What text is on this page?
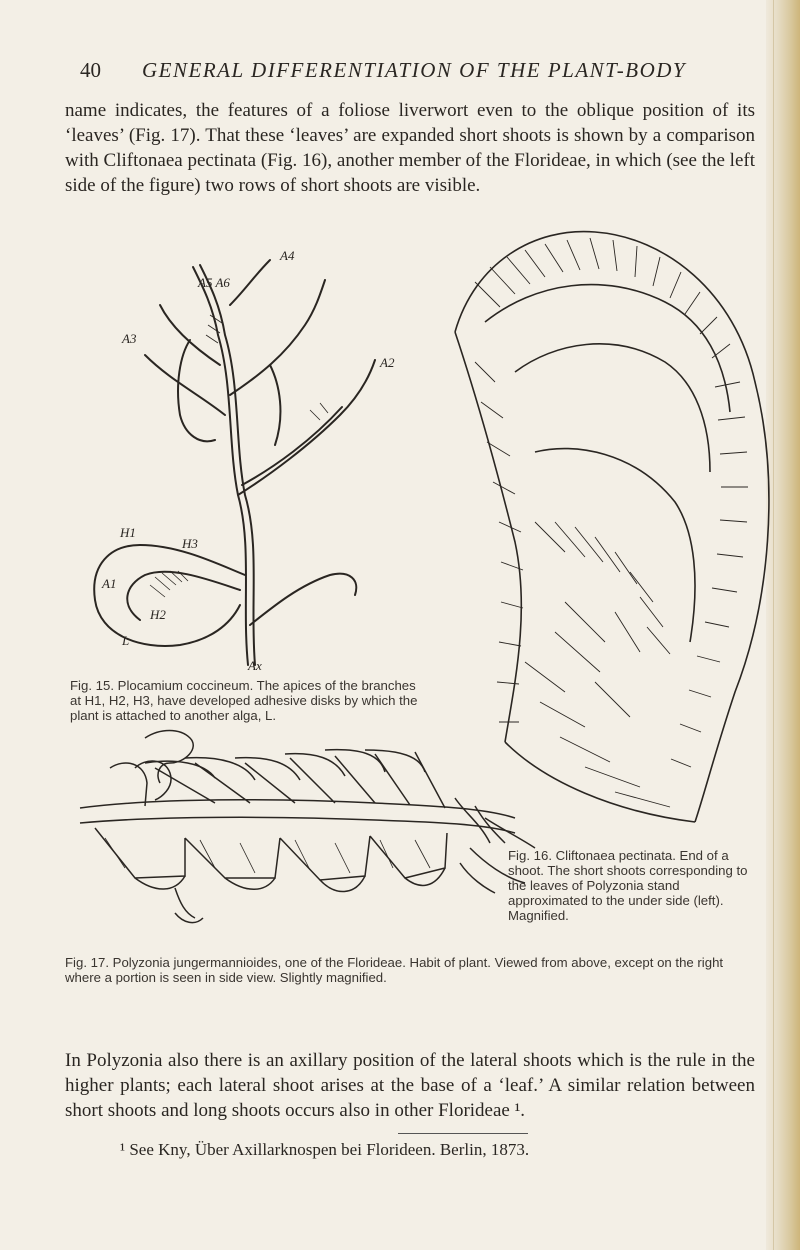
40 GENERAL DIFFERENTIATION OF THE PLANT-BODY

name indicates, the features of a foliose liverwort even to the oblique position of its ‘leaves’ (Fig. 17). That these ‘leaves’ are expanded short shoots is shown by a comparison with Cliftonaea pectinata (Fig. 16), another member of the Florideae, in which (see the left side of the figure) two rows of short shoots are visible.

A4
A5 A6
A3
A2
H1
H3
A1
H2
L
Ax

Fig. 15. Plocamium coccineum. The apices of the branches at H1, H2, H3, have developed adhesive disks by which the plant is attached to another alga, L.

Fig. 16. Cliftonaea pectinata. End of a shoot. The short shoots corresponding to the leaves of Polyzonia stand approximated to the under side (left). Magnified.

Fig. 17. Polyzonia jungermannioides, one of the Florideae. Habit of plant. Viewed from above, except on the right where a portion is seen in side view. Slightly magnified.

In Polyzonia also there is an axillary position of the lateral shoots which is the rule in the higher plants; each lateral shoot arises at the base of a ‘leaf.’ A similar relation between short shoots and long shoots occurs also in other Florideae ¹.

¹ See Kny, Über Axillarknospen bei Florideen. Berlin, 1873.
